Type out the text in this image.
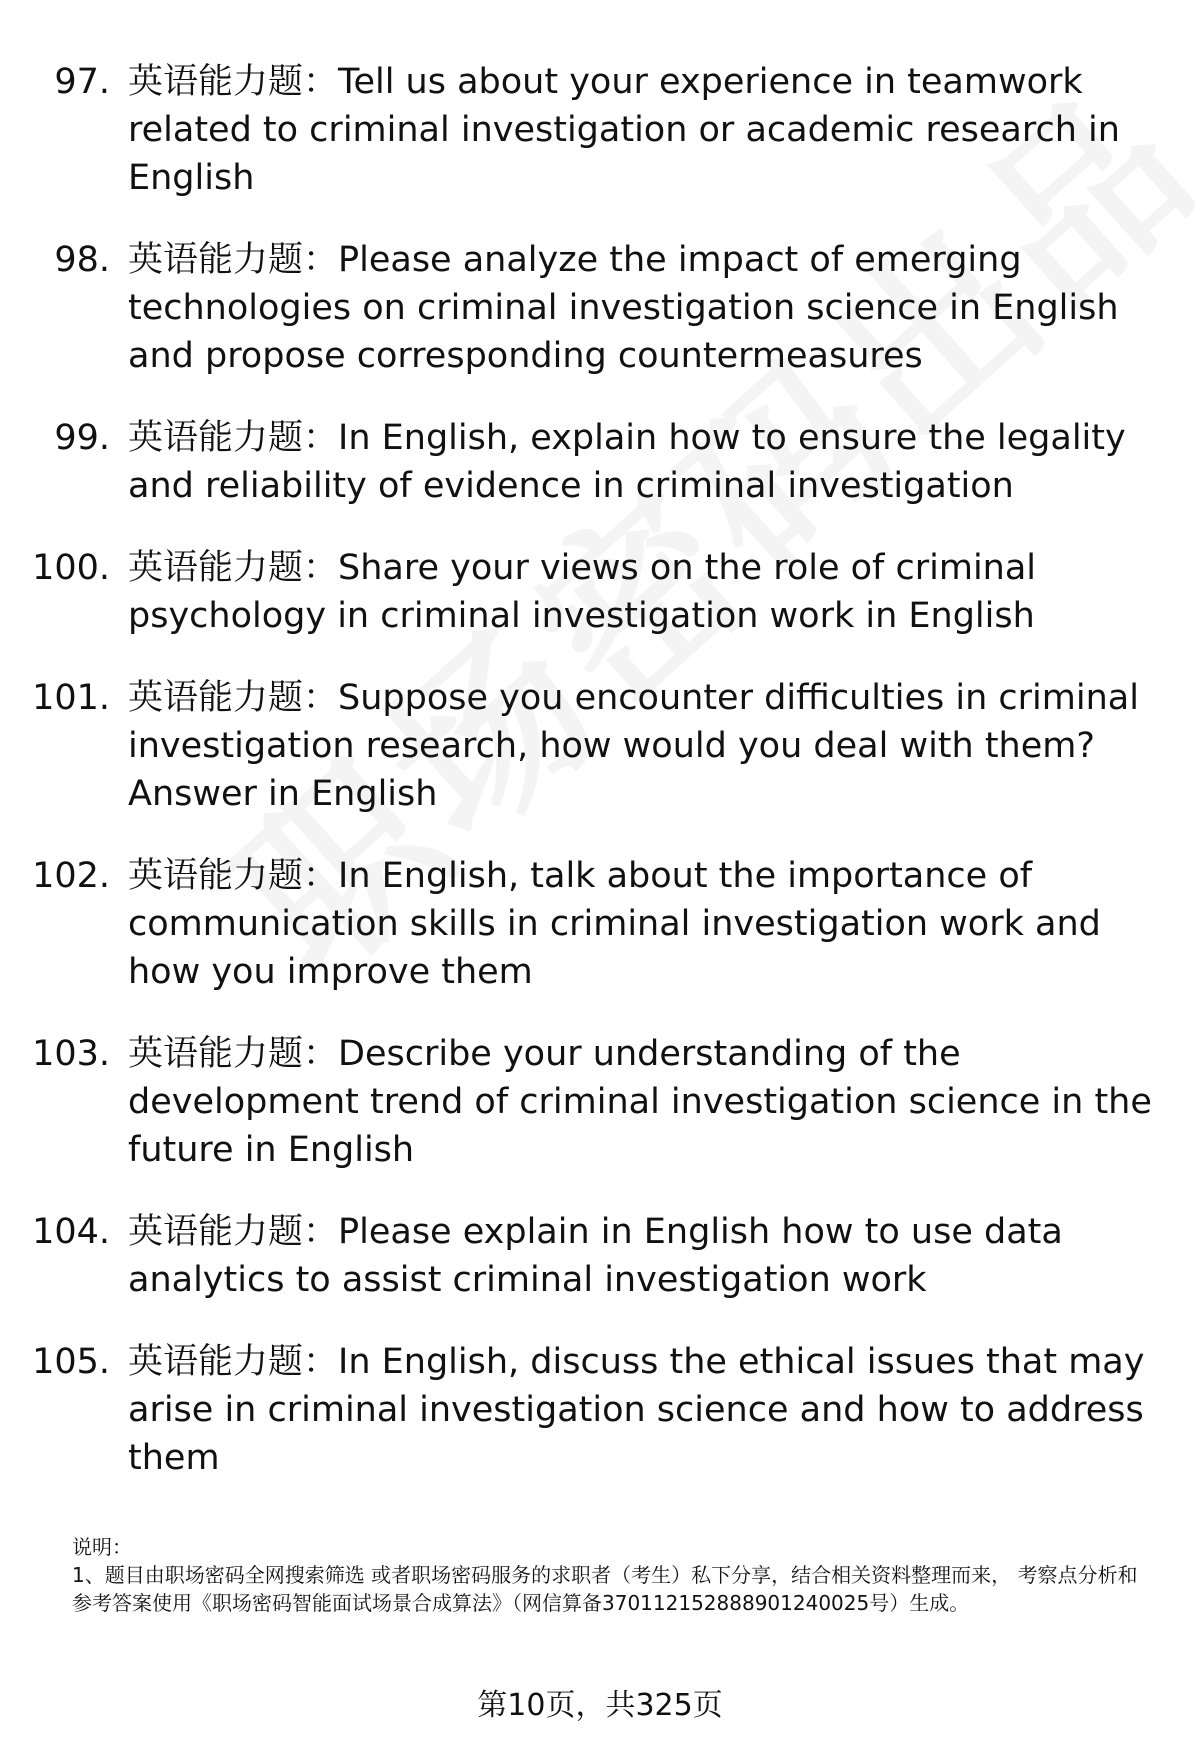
97. 英语能力题：Tell us about your experience in teamwork related to criminal investigation or academic research in English
98. 英语能力题：Please analyze the impact of emerging technologies on criminal investigation science in English and propose corresponding countermeasures
99. 英语能力题：In English, explain how to ensure the legality and reliability of evidence in criminal investigation
100. 英语能力题：Share your views on the role of criminal psychology in criminal investigation work in English
101. 英语能力题：Suppose you encounter difficulties in criminal investigation research, how would you deal with them? Answer in English
102. 英语能力题：In English, talk about the importance of communication skills in criminal investigation work and how you improve them
103. 英语能力题：Describe your understanding of the development trend of criminal investigation science in the future in English
104. 英语能力题：Please explain in English how to use data analytics to assist criminal investigation work
105. 英语能力题：In English, discuss the ethical issues that may arise in criminal investigation science and how to address them
说明：
1、题目由职场密码全网搜索筛选 或者职场密码服务的求职者（考生）私下分享，结合相关资料整理而来， 考察点分析和参考答案使用《职场密码智能面试场景合成算法》（网信算备370112152888901240025号）生成。
第10页，共325页
